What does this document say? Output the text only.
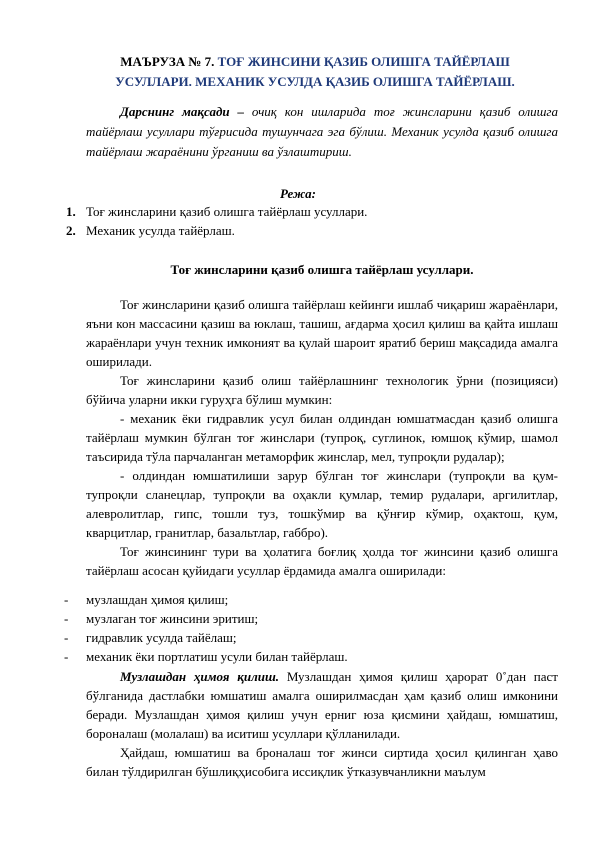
МАЪРУЗА № 7. ТОҒ ЖИНСИНИ ҚАЗИБ ОЛИШГА ТАЙЁРЛАШ
УСУЛЛАРИ. МЕХАНИК УСУЛДА ҚАЗИБ ОЛИШГА ТАЙЁРЛАШ.
Дарснинг мақсади – очиқ кон ишларида тоғ жинсларини қазиб олишга тайёрлаш усуллари тўғрисида тушунчага эга бўлиш. Механик усулда қазиб олишга тайёрлаш жараёнини ўрганиш ва ўзлаштириш.
Режа:
1. Тоғ жинсларини қазиб олишга тайёрлаш усуллари.
2. Механик усулда тайёрлаш.
Тоғ жинсларини қазиб олишга тайёрлаш усуллари.

Тоғ жинсларини қазиб олишга тайёрлаш кейинги ишлаб чиқариш жараёнлари, яъни кон массасини қазиш ва юклаш, ташиш, ағдарма ҳосил қилиш ва қайта ишлаш жараёнлари учун техник имконият ва қулай шароит яратиб бериш мақсадида амалга оширилади.

Тоғ жинсларини қазиб олиш тайёрлашнинг технологик ўрни (позицияси) бўйича уларни икки гуруҳга бўлиш мумкин:

- механик ёки гидравлик усул билан олдиндан юмшатмасдан қазиб олишга тайёрлаш мумкин бўлган тоғ жинслари (тупроқ, суглинок, юмшоқ кўмир, шамол таъсирида тўла парчаланган метаморфик жинслар, мел, тупроқли рудалар);

- олдиндан юмшатилиши зарур бўлган тоғ жинслари (тупроқли ва қум-тупроқли сланецлар, тупроқли ва оҳакли қумлар, темир рудалари, аргилитлар, алевролитлар, гипс, тошли туз, тошкўмир ва қўнғир кўмир, оҳактош, қум, кварцитлар, гранитлар, базальтлар, габбро).

Тоғ жинсининг тури ва ҳолатига боғлиқ ҳолда тоғ жинсини қазиб олишга тайёрлаш асосан қуйидаги усуллар ёрдамида амалга оширилади:

-	музлашдан ҳимоя қилиш;
-	музлаган тоғ жинсини эритиш;
-	гидравлик усулда тайёлаш;
-	механик ёки портлатиш усули билан тайёрлаш.

Музлашдан ҳимоя қилиш. Музлашдан ҳимоя қилиш ҳарорат 0˚дан паст бўлганида дастлабки юмшатиш амалга оширилмасдан ҳам қазиб олиш имконини беради. Музлашдан ҳимоя қилиш учун ерниг юза қисмини ҳайдаш, юмшатиш, бороналаш (молалаш) ва иситиш усуллари қўлланилади.

Ҳайдаш, юмшатиш ва броналаш тоғ жинси сиртида ҳосил қилинган ҳаво билан тўлдирилган бўшлиқҳисобига иссиқлик ўтказувчанликни маълум
